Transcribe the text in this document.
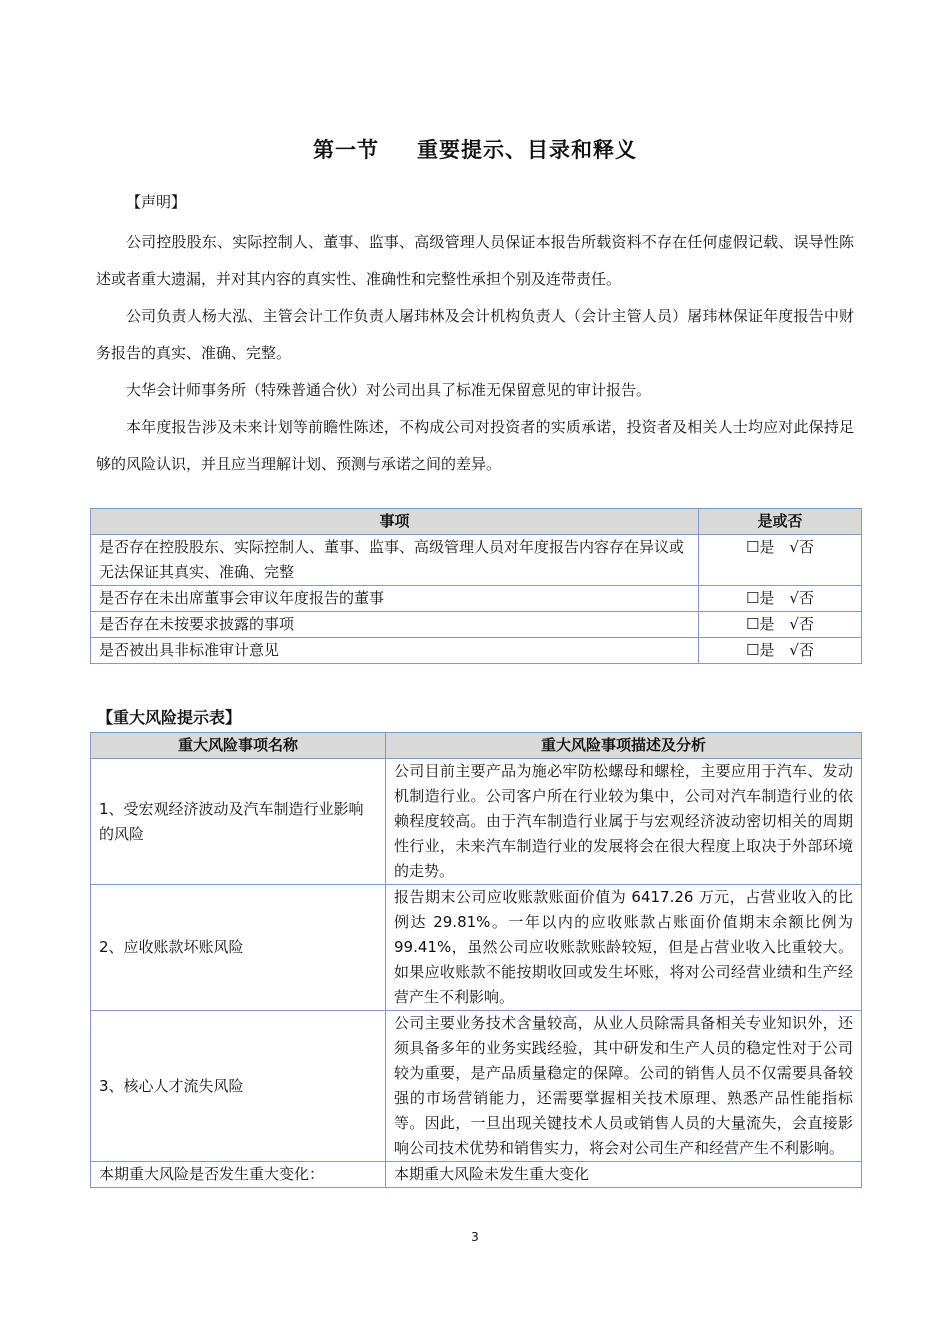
第一节 重要提示、目录和释义
【声明】

公司控股股东、实际控制人、董事、监事、高级管理人员保证本报告所载资料不存在任何虚假记载、误导性陈述或者重大遗漏，并对其内容的真实性、准确性和完整性承担个别及连带责任。

公司负责人杨大泓、主管会计工作负责人屠玮林及会计机构负责人（会计主管人员）屠玮林保证年度报告中财务报告的真实、准确、完整。

大华会计师事务所（特殊普通合伙）对公司出具了标准无保留意见的审计报告。

本年度报告涉及未来计划等前瞻性陈述，不构成公司对投资者的实质承诺，投资者及相关人士均应对此保持足够的风险认识，并且应当理解计划、预测与承诺之间的差异。

事项	是或否
是否存在控股股东、实际控制人、董事、监事、高级管理人员对年度报告内容存在异议或无法保证其真实、准确、完整	☐是　√否
是否存在未出席董事会审议年度报告的董事	☐是　√否
是否存在未按要求披露的事项	☐是　√否
是否被出具非标准审计意见	☐是　√否
【重大风险提示表】
重大风险事项名称	重大风险事项描述及分析
1、受宏观经济波动及汽车制造行业影响的风险	公司目前主要产品为施必牢防松螺母和螺栓，主要应用于汽车、发动机制造行业。公司客户所在行业较为集中，公司对汽车制造行业的依赖程度较高。由于汽车制造行业属于与宏观经济波动密切相关的周期性行业，未来汽车制造行业的发展将会在很大程度上取决于外部环境的走势。
2、应收账款坏账风险	报告期末公司应收账款账面价值为 6417.26 万元，占营业收入的比例达 29.81%。一年以内的应收账款占账面价值期末余额比例为 99.41%，虽然公司应收账款账龄较短，但是占营业收入比重较大。如果应收账款不能按期收回或发生坏账，将对公司经营业绩和生产经营产生不利影响。
3、核心人才流失风险	公司主要业务技术含量较高，从业人员除需具备相关专业知识外，还须具备多年的业务实践经验，其中研发和生产人员的稳定性对于公司较为重要，是产品质量稳定的保障。公司的销售人员不仅需要具备较强的市场营销能力，还需要掌握相关技术原理、熟悉产品性能指标等。因此，一旦出现关键技术人员或销售人员的大量流失，会直接影响公司技术优势和销售实力，将会对公司生产和经营产生不利影响。
本期重大风险是否发生重大变化：	本期重大风险未发生重大变化
3
